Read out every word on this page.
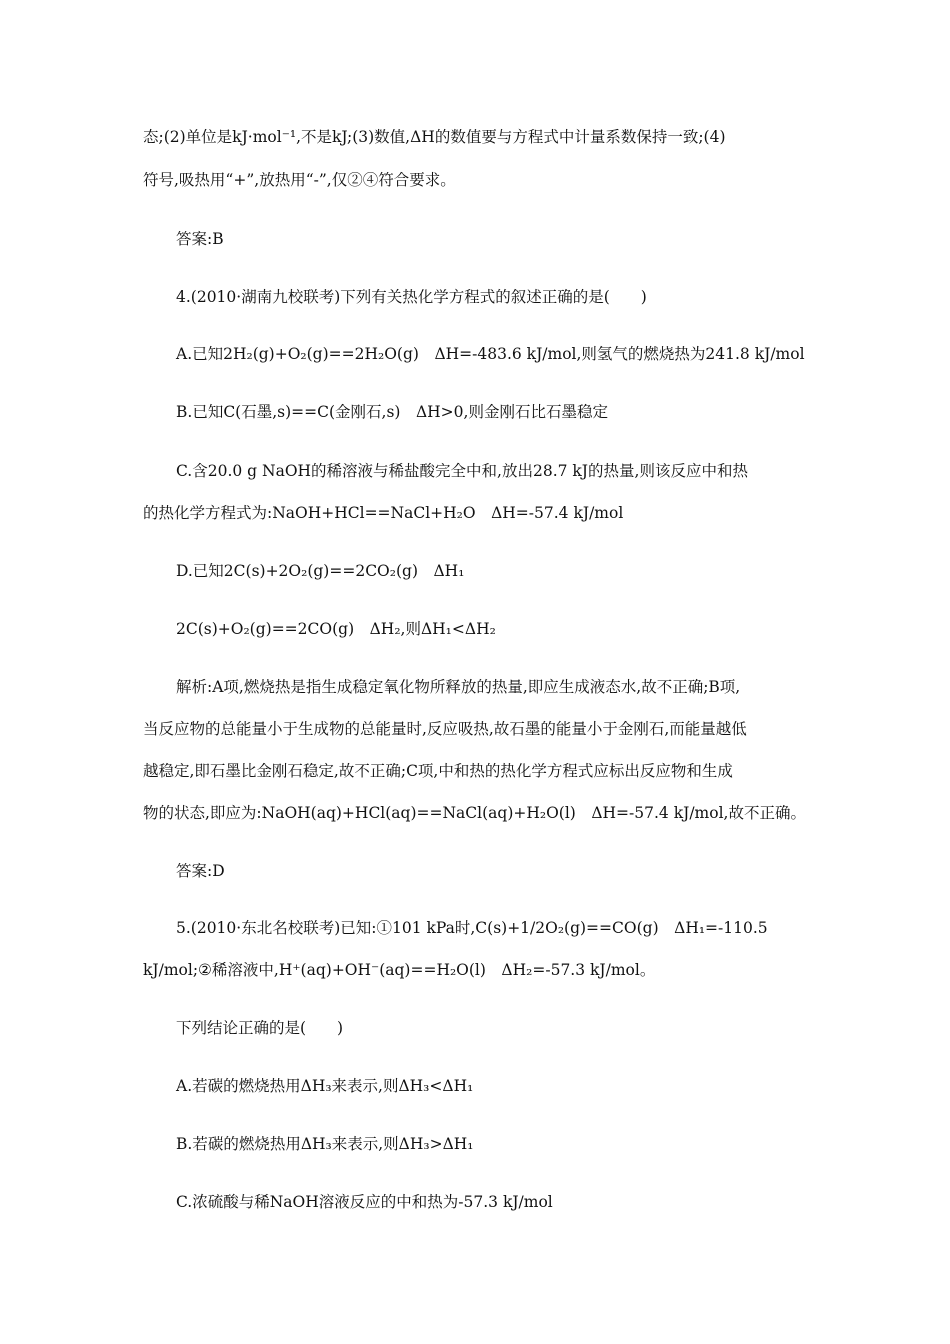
态;(2)单位是kJ·mol⁻¹,不是kJ;(3)数值,ΔH的数值要与方程式中计量系数保持一致;(4)
符号,吸热用“+”,放热用“-”,仅②④符合要求。
答案:B
4.(2010·湖南九校联考)下列有关热化学方程式的叙述正确的是(　　)
A.已知2H₂(g)+O₂(g)==2H₂O(g)　ΔH=-483.6 kJ/mol,则氢气的燃烧热为241.8 kJ/mol
B.已知C(石墨,s)==C(金刚石,s)　ΔH>0,则金刚石比石墨稳定
C.含20.0 g NaOH的稀溶液与稀盐酸完全中和,放出28.7 kJ的热量,则该反应中和热
的热化学方程式为:NaOH+HCl==NaCl+H₂O　ΔH=-57.4 kJ/mol
D.已知2C(s)+2O₂(g)==2CO₂(g)　ΔH₁
2C(s)+O₂(g)==2CO(g)　ΔH₂,则ΔH₁<ΔH₂
解析:A项,燃烧热是指生成稳定氧化物所释放的热量,即应生成液态水,故不正确;B项,
当反应物的总能量小于生成物的总能量时,反应吸热,故石墨的能量小于金刚石,而能量越低
越稳定,即石墨比金刚石稳定,故不正确;C项,中和热的热化学方程式应标出反应物和生成
物的状态,即应为:NaOH(aq)+HCl(aq)==NaCl(aq)+H₂O(l)　ΔH=-57.4 kJ/mol,故不正确。
答案:D
5.(2010·东北名校联考)已知:①101 kPa时,C(s)+1/2O₂(g)==CO(g)　ΔH₁=-110.5
kJ/mol;②稀溶液中,H⁺(aq)+OH⁻(aq)==H₂O(l)　ΔH₂=-57.3 kJ/mol。
下列结论正确的是(　　)
A.若碳的燃烧热用ΔH₃来表示,则ΔH₃<ΔH₁
B.若碳的燃烧热用ΔH₃来表示,则ΔH₃>ΔH₁
C.浓硫酸与稀NaOH溶液反应的中和热为-57.3 kJ/mol
